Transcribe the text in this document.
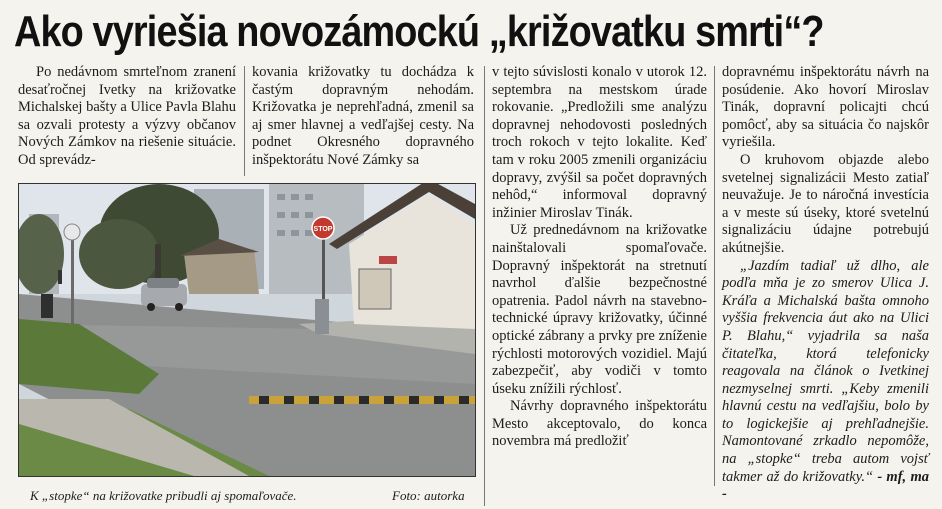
Ako vyriešia novozámockú „križovatku smrti“?

Po nedávnom smrteľnom zranení desaťročnej Ivetky na križovatke Michalskej bašty a Ulice Pavla Blahu sa ozvali protesty a výzvy občanov Nových Zámkov na riešenie situácie. Od sprevádz-

STOP
K „stopke“ na križovatke pribudli aj spomaľovače.	Foto: autorka

kovania križovatky tu dochádza k častým dopravným nehodám. Križovatka je neprehľadná, zmenil sa aj smer hlavnej a vedľajšej cesty. Na podnet Okresného dopravného inšpektorátu Nové Zámky sa

v tejto súvislosti konalo v utorok 12. septembra na mestskom úrade rokovanie. „Predložili sme analýzu dopravnej nehodovosti posledných troch rokoch v tejto lokalite. Keď tam v roku 2005 zmenili organizáciu dopravy, zvýšil sa počet dopravných nehôd,“ informoval dopravný inžinier Miroslav Tinák.

Už prednedávnom na križovatke nainštalovali spomaľovače. Dopravný inšpektorát na stretnutí navrhol ďalšie bezpečnostné opatrenia. Padol návrh na stavebno-technické úpravy križovatky, účinné optické zábrany a prvky pre zníženie rýchlosti motorových vozidiel. Majú zabezpečiť, aby vodiči v tomto úseku znížili rýchlosť.

Návrhy dopravného inšpektorátu Mesto akceptovalo, do konca novembra má predložiť

dopravnému inšpektorátu návrh na posúdenie. Ako hovorí Miroslav Tinák, dopravní policajti chcú pomôcť, aby sa situácia čo najskôr vyriešila.

O kruhovom objazde alebo svetelnej signalizácii Mesto zatiaľ neuvažuje. Je to náročná investícia a v meste sú úseky, ktoré svetelnú signalizáciu údajne potrebujú akútnejšie.

„Jazdím tadiaľ už dlho, ale podľa mňa je zo smerov Ulica J. Kráľa a Michalská bašta omnoho vyššia frekvencia áut ako na Ulici P. Blahu,“ vyjadrila sa naša čitateľka, ktorá telefonicky reagovala na článok o Ivetkinej nezmyselnej smrti. „Keby zmenili hlavnú cestu na vedľajšiu, bolo by to logickejšie aj prehľadnejšie. Namontované zrkadlo nepomôže, na „stopke“ treba autom vojsť takmer až do križovatky.“ - mf, ma -
